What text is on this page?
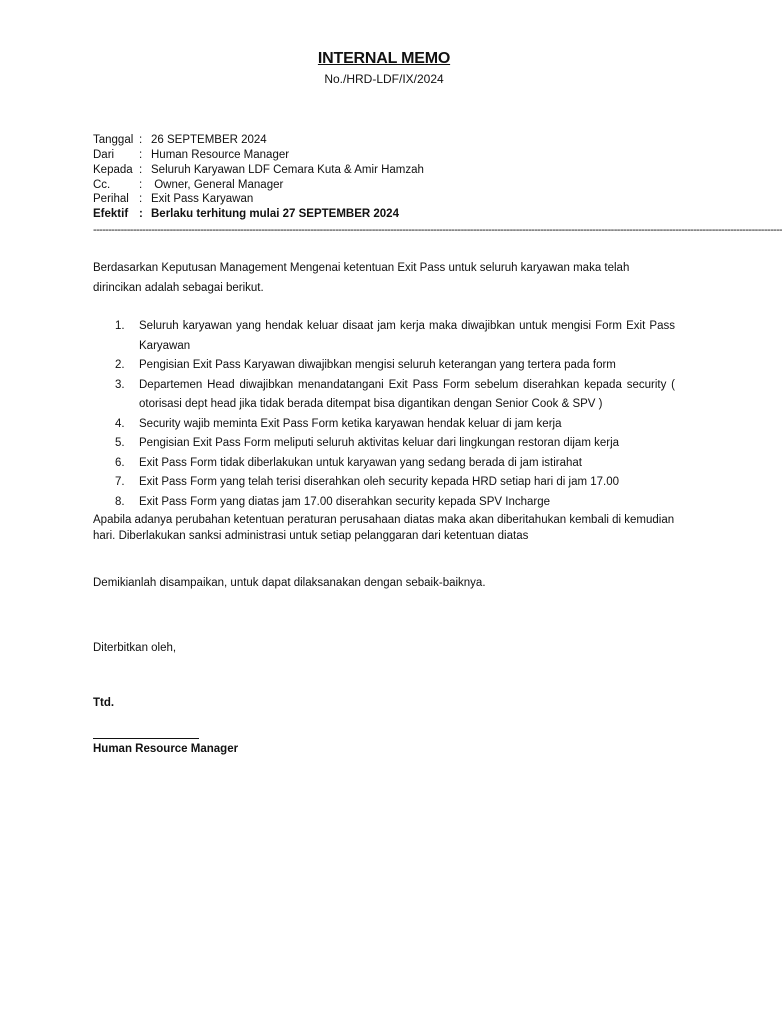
INTERNAL MEMO
No./HRD-LDF/IX/2024
Tanggal : 26 SEPTEMBER 2024
Dari : Human Resource Manager
Kepada : Seluruh Karyawan LDF Cemara Kuta & Amir Hamzah
Cc.	: Owner, General Manager
Perihal : Exit Pass Karyawan
Efektif : Berlaku terhitung mulai 27 SEPTEMBER 2024
---------------------------------------------------------------------------------------------------------------------------------------------------------------------------------------------------------------------------------
Berdasarkan Keputusan Management Mengenai ketentuan Exit Pass untuk seluruh karyawan maka telah dirincikan adalah sebagai berikut.
1.	Seluruh karyawan yang hendak keluar disaat jam kerja maka diwajibkan untuk mengisi Form Exit Pass Karyawan
2.	Pengisian Exit Pass Karyawan diwajibkan mengisi seluruh keterangan yang tertera pada form
3.	Departemen Head diwajibkan menandatangani Exit Pass Form sebelum diserahkan kepada security ( otorisasi dept head jika tidak berada ditempat bisa digantikan dengan Senior Cook & SPV )
4.	Security wajib meminta Exit Pass Form ketika karyawan hendak keluar di jam kerja
5.	Pengisian Exit Pass Form meliputi seluruh aktivitas keluar dari lingkungan restoran dijam kerja
6.	Exit Pass Form tidak diberlakukan untuk karyawan yang sedang berada di jam istirahat
7.	Exit Pass Form yang telah terisi diserahkan oleh security kepada HRD setiap hari di jam 17.00
8.	Exit Pass Form yang diatas jam 17.00 diserahkan security kepada SPV Incharge
Apabila adanya perubahan ketentuan peraturan perusahaan diatas maka akan diberitahukan kembali di kemudian hari. Diberlakukan sanksi administrasi untuk setiap pelanggaran dari ketentuan diatas
Demikianlah disampaikan, untuk dapat dilaksanakan dengan sebaik-baiknya.
Diterbitkan oleh,
Ttd.
Human Resource Manager
